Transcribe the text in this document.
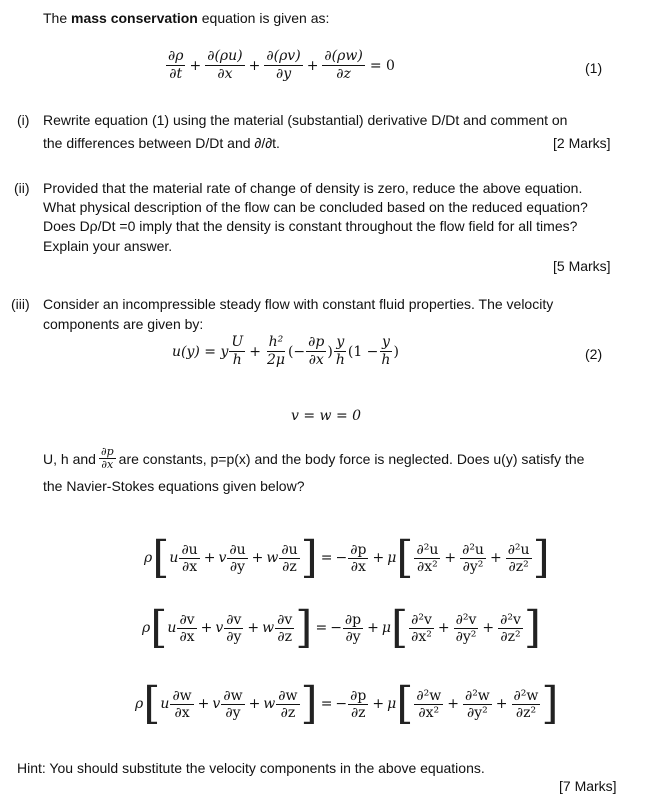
The mass conservation equation is given as:
∂ρ
∂t
+ $\frac{\partial(\rho u)}{\partial x} + \frac{\partial(\rho v)}{\partial y} + \frac{\partial(\rho w)}{\partial z} = 0$	(1)
(i) Rewrite equation (1) using the material (substantial) derivative D/Dt and comment on
the differences between D/Dt and ∂/∂t.	[2 Marks]
(ii) Provided that the material rate of change of density is zero, reduce the above equation.
What physical description of the flow can be concluded based on the reduced equation?
Does Dρ/Dt =0 imply that the density is constant throughout the flow field for all times?
Explain your answer.
[5 Marks]
(iii) Consider an incompressible steady flow with constant fluid properties. The velocity
components are given by:
u(y) = y
U
h
+ $\frac{\text{h²}}{2\mu}$ (− $\frac{\partial p}{\partial x}$ )
y
h
($1 - \frac{y}{h}$ )	(2)
v = w = 0
U, h and ∂p
∂x are constants, p=p(x) and the body force is neglected. Does u(y) satisfy the
the Navier-Stokes equations given below?
ρ [ u
∂u
∂x
+ v
∂u
∂y
+ w
∂u
∂z ] = − $\frac{\partial p}{\partial x} + \mu$ [ ∂²u
∂x²
+ $\frac{\text{∂²u}}{\text{∂y²}} + \frac{\text{∂²u}}{\text{∂z²}}$ ]
ρ [ u
∂v
∂x
+ v
∂v
∂y
+ w
∂v
∂z ] = − $\frac{\partial p}{\partial y} + \mu$ [ ∂²v
∂x²
+ $\frac{\text{∂²v}}{\text{∂y²}} + \frac{\text{∂²v}}{\text{∂z²}}$ ]
ρ [ u
∂w
∂x
+ v
∂w
∂y
+ w
∂w
∂z ] = − $\frac{\partial p}{\partial z} + \mu$ [ ∂²w
∂x²
+ $\frac{\text{∂²w}}{\text{∂y²}} + \frac{\text{∂²w}}{\text{∂z²}}$ ]
Hint: You should substitute the velocity components in the above equations.
[7 Marks]
